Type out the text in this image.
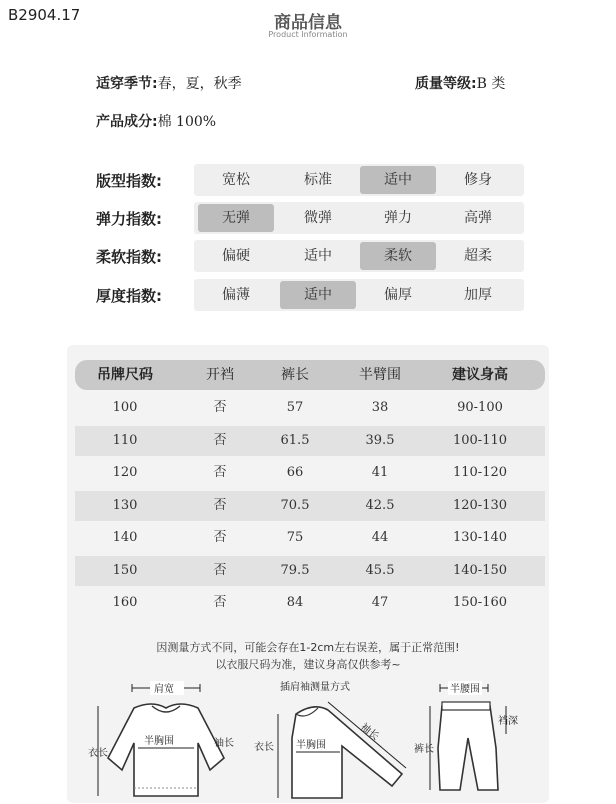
B2904.17	商品信息
Product Information
适穿季节:春，夏，秋季	质量等级:B 类
产品成分:棉 100%
版型指数:	宽松	标准	适中	修身
弹力指数:	无弹	微弹	弹力	高弹
柔软指数:	偏硬	适中	柔软	超柔
厚度指数:	偏薄	适中	偏厚	加厚
吊牌尺码	开裆	裤长	半臂围	建议身高
100	否	57	38	90-100
110	否	61.5	39.5	100-110
120	否	66	41	110-120
130	否	70.5	42.5	120-130
140	否	75	44	130-140
150	否	79.5	45.5	140-150
160	否	84	47	150-160
因测量方式不同，可能会存在1-2cm左右误差，属于正常范围!
以衣服尺码为准，建议身高仅供参考~
肩宽
半胸围
衣长
袖长
插肩袖测量方式
袖长
半胸围
衣长
半腰围
裆深
裤长
